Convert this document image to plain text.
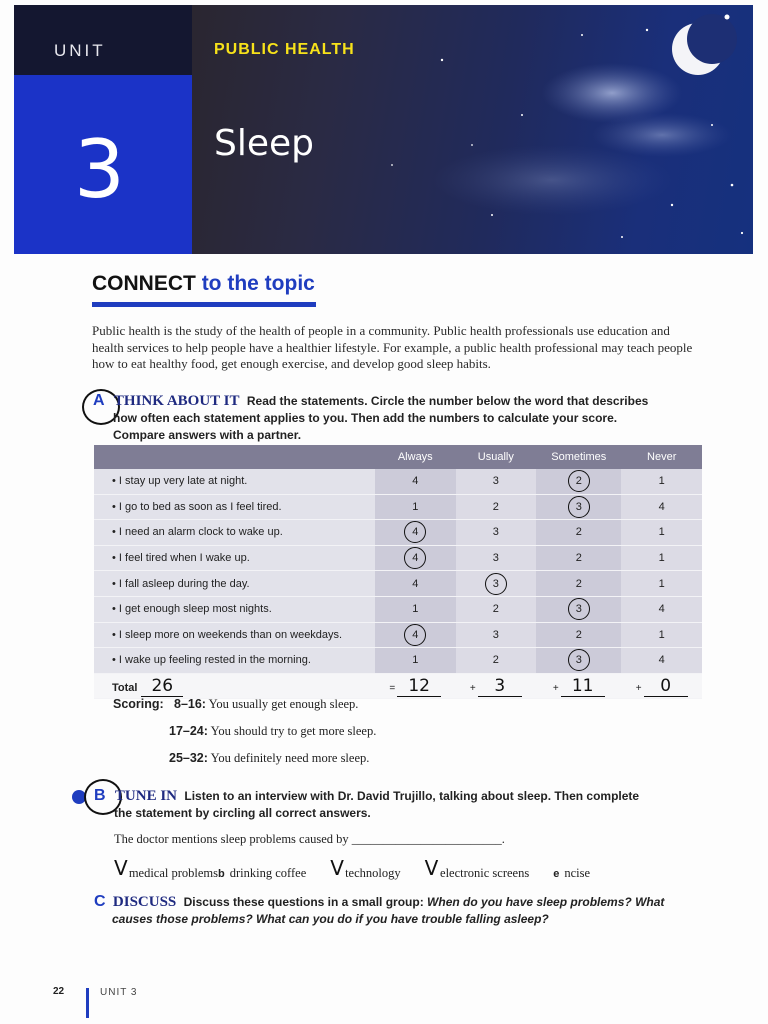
UNIT
3
PUBLIC HEALTH
Sleep
CONNECT to the topic
Public health is the study of the health of people in a community. Public health professionals use education and health services to help people have a healthier lifestyle. For example, a public health professional may teach people how to eat healthy food, get enough exercise, and develop good sleep habits.
A THINK ABOUT IT Read the statements. Circle the number below the word that describes
how often each statement applies to you. Then add the numbers to calculate your score.
Compare answers with a partner.
	Always	Usually	Sometimes	Never
• I stay up very late at night.	4	3	2	1
• I go to bed as soon as I feel tired.	1	2	3	4
• I need an alarm clock to wake up.	4	3	2	1
• I feel tired when I wake up.	4	3	2	1
• I fall asleep during the day.	4	3	2	1
• I get enough sleep most nights.	1	2	3	4
• I sleep more on weekends than on weekdays.	4	3	2	1
• I wake up feeling rested in the morning.	1	2	3	4
Total 26	= 12	+ 3	+ 11	+ 0
Scoring: 8–16: You usually get enough sleep.
17–24: You should try to get more sleep.
25–32: You definitely need more sleep.
B TUNE IN Listen to an interview with Dr. David Trujillo, talking about sleep. Then complete
the statement by circling all correct answers.
The doctor mentions sleep problems caused by ________________________.
Vmedical problemsb drinking coffee Vtechnology V electronic screens e ncise
C DISCUSS Discuss these questions in a small group: When do you have sleep problems? What
causes those problems? What can you do if you have trouble falling asleep?
22	UNIT 3
